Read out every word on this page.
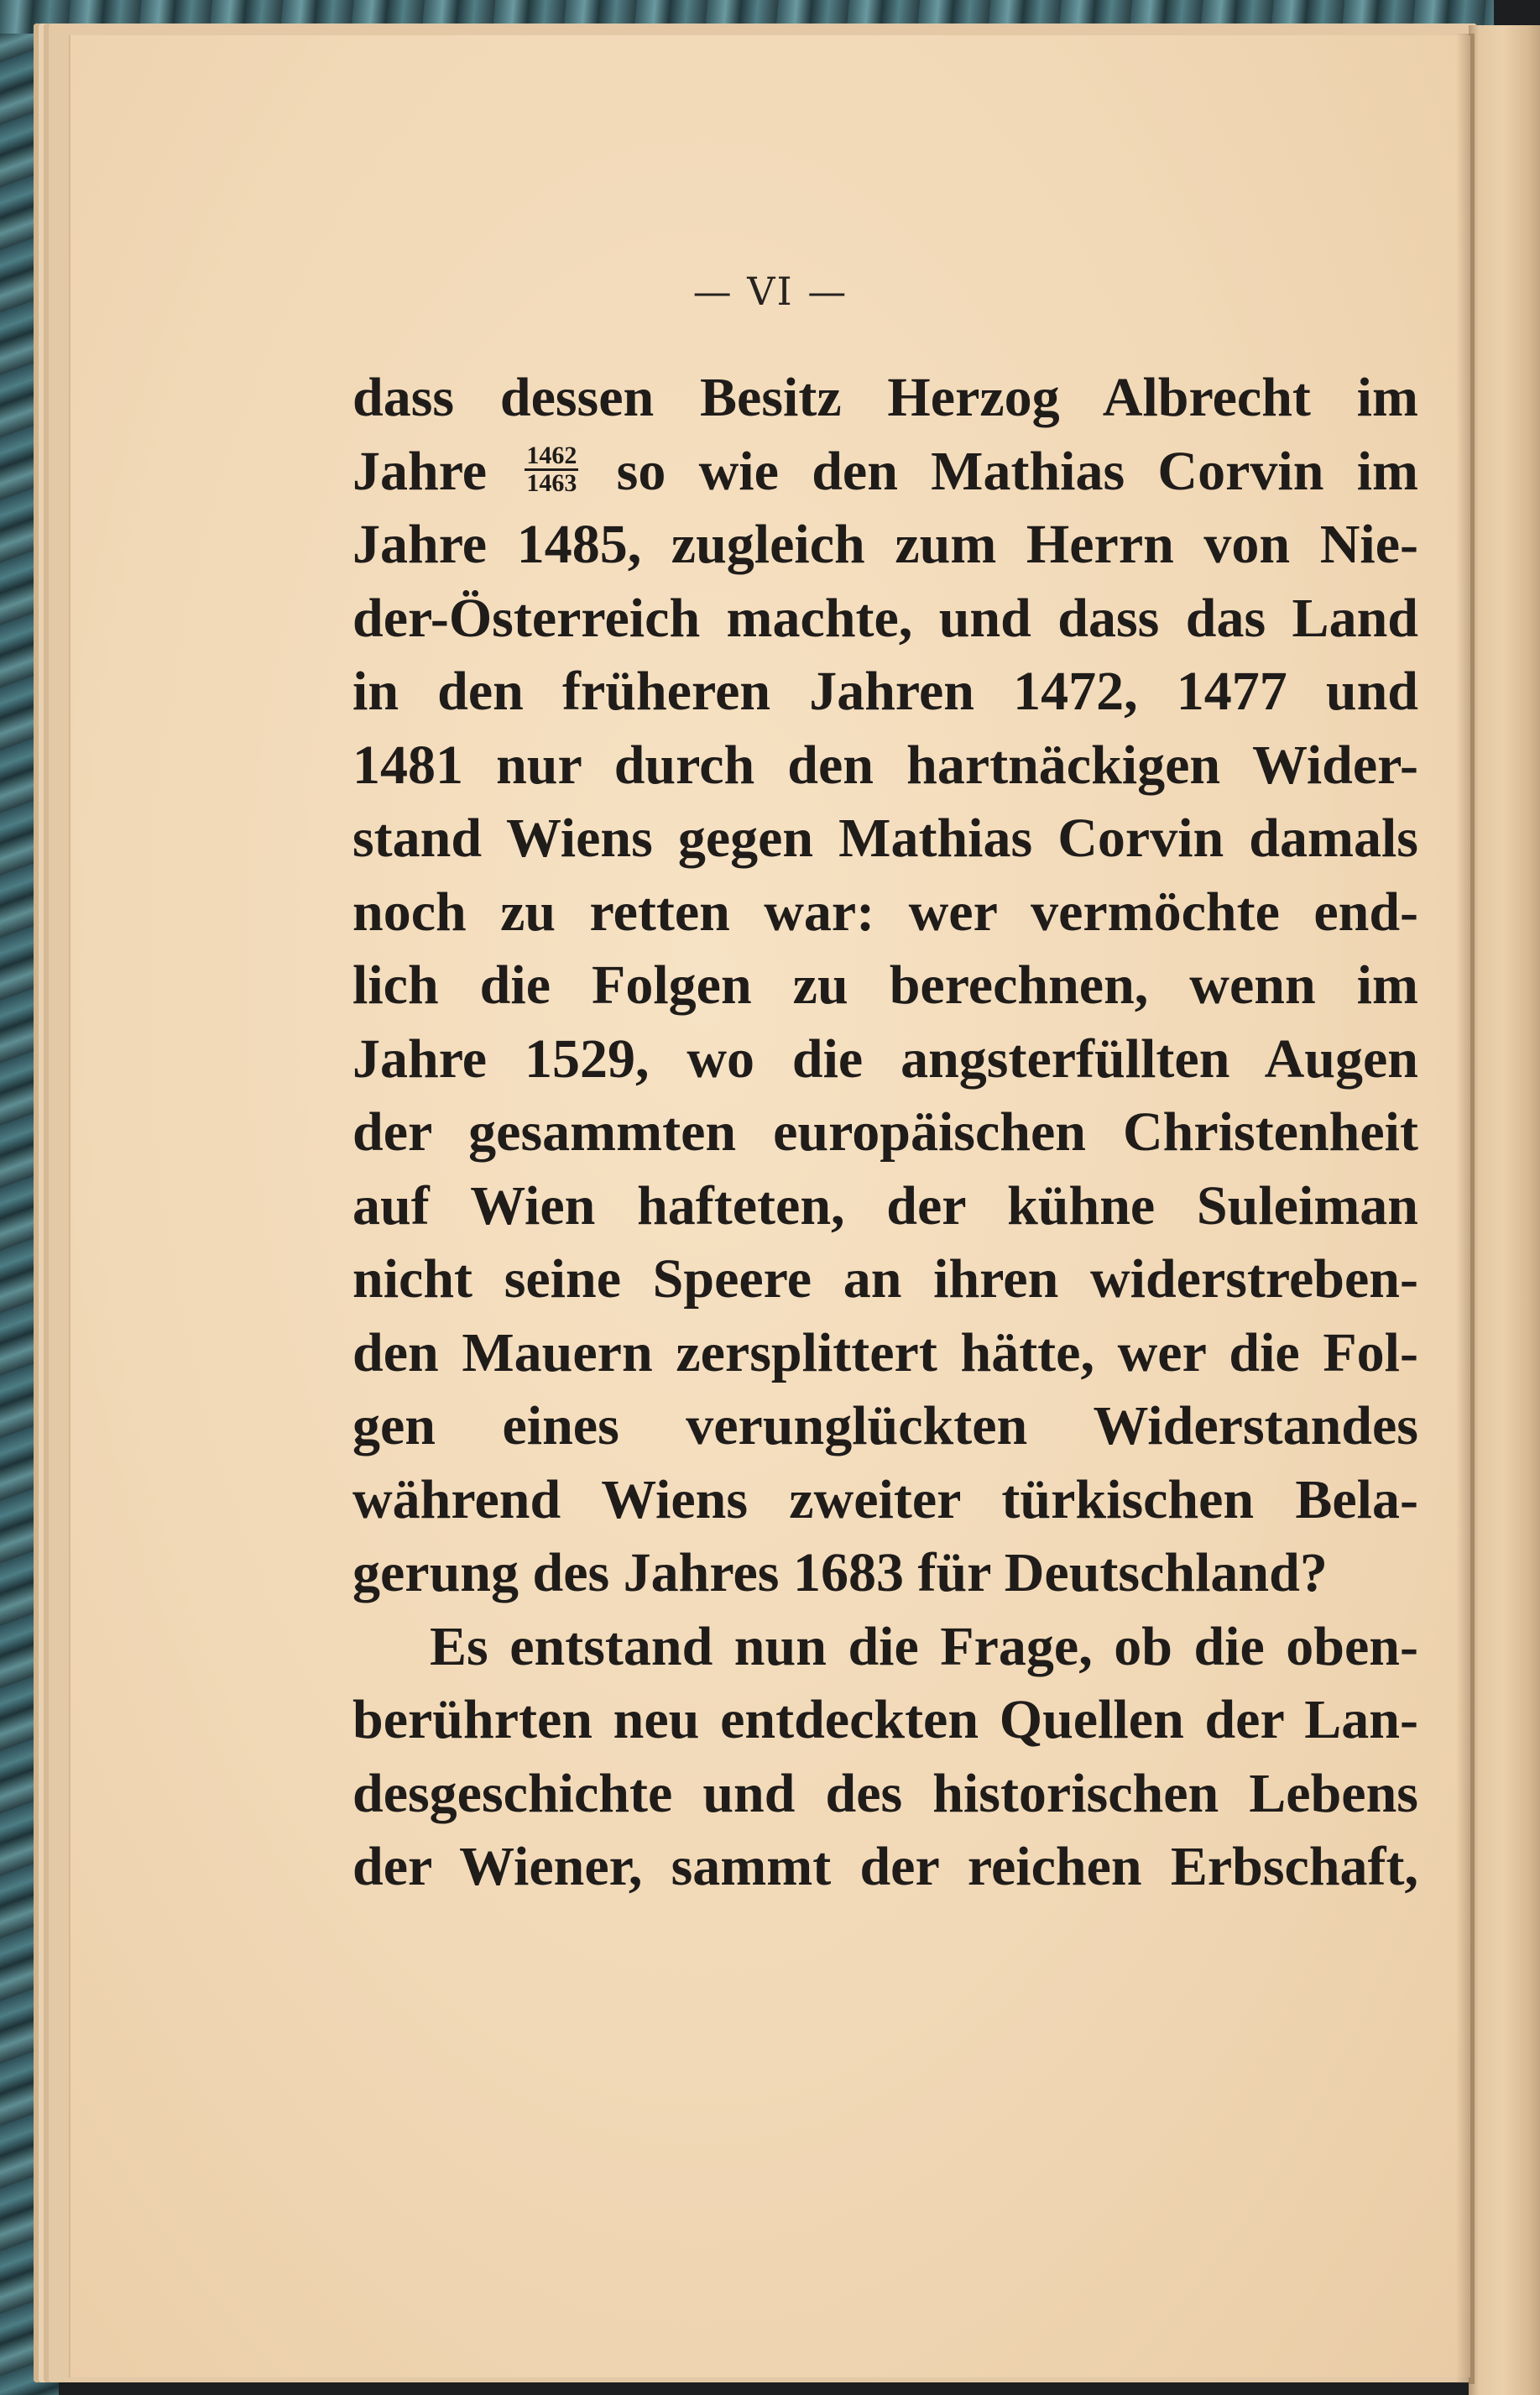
— VI —
dass dessen Besitz Herzog Albrecht im
Jahre $\frac{1462}{1463}$ so wie den Mathias Corvin im
Jahre 1485, zugleich zum Herrn von Nie-
der-Österreich machte, und dass das Land
in den früheren Jahren 1472, 1477 und
1481 nur durch den hartnäckigen Wider-
stand Wiens gegen Mathias Corvin damals
noch zu retten war: wer vermöchte end-
lich die Folgen zu berechnen, wenn im
Jahre 1529, wo die angsterfüllten Augen
der gesammten europäischen Christenheit
auf Wien hafteten, der kühne Suleiman
nicht seine Speere an ihren widerstreben-
den Mauern zersplittert hätte, wer die Fol-
gen eines verunglückten Widerstandes
während Wiens zweiter türkischen Bela-
gerung des Jahres 1683 für Deutschland?
Es entstand nun die Frage, ob die oben-
berührten neu entdeckten Quellen der Lan-
desgeschichte und des historischen Lebens
der Wiener, sammt der reichen Erbschaft,
